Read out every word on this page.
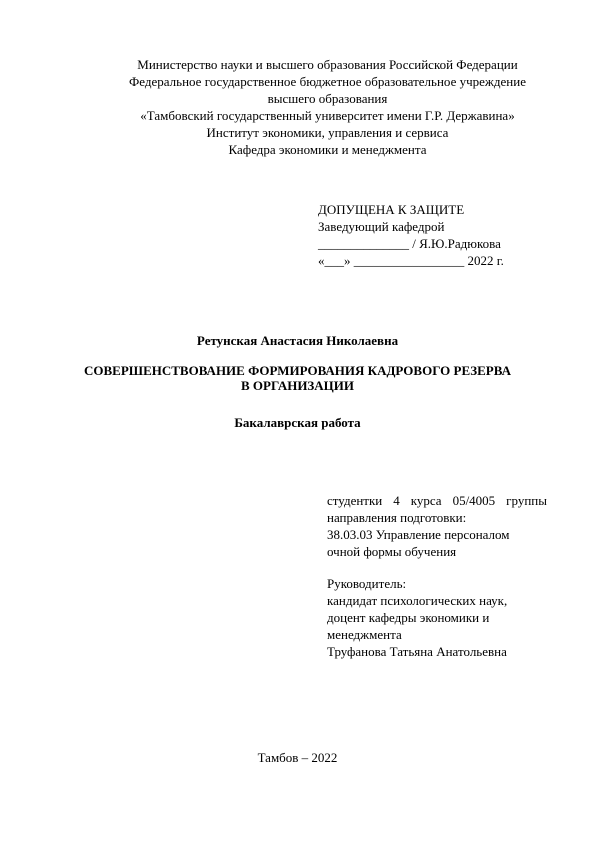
Министерство науки и высшего образования Российской Федерации
Федеральное государственное бюджетное образовательное учреждение
высшего образования
«Тамбовский государственный университет имени Г.Р. Державина»
Институт экономики, управления и сервиса
Кафедра экономики и менеджмента
ДОПУЩЕНА К ЗАЩИТЕ
Заведующий кафедрой
______________ / Я.Ю.Радюкова
«___» _________________ 2022 г.
Ретунская Анастасия Николаевна
СОВЕРШЕНСТВОВАНИЕ ФОРМИРОВАНИЯ КАДРОВОГО РЕЗЕРВА
В ОРГАНИЗАЦИИ
Бакалаврская работа
студентки 4 курса 05/4005 группы
направления подготовки:
38.03.03 Управление персоналом
очной формы обучения
Руководитель:
кандидат психологических наук,
доцент кафедры экономики и
менеджмента
Труфанова Татьяна Анатольевна
Тамбов – 2022
